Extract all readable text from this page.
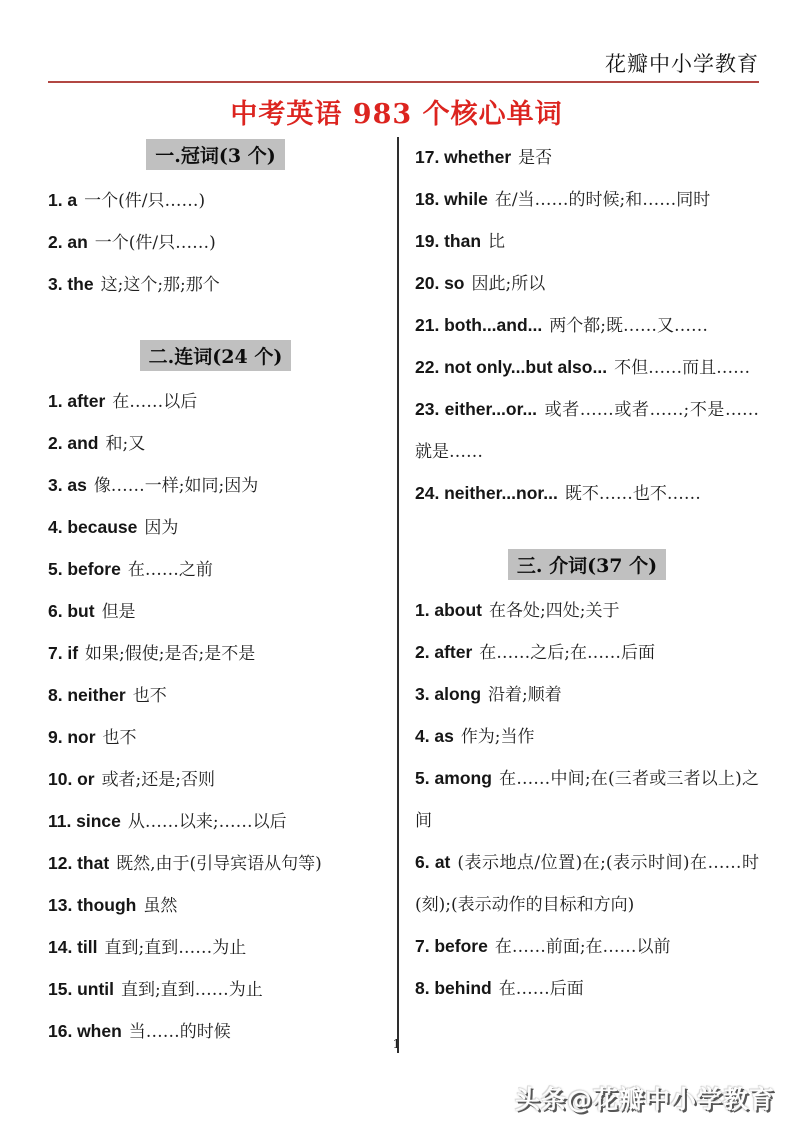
花瓣中小学教育
中考英语 983 个核心单词
一.冠词(3 个)

1. a 一个(件/只……)

2. an 一个(件/只……)

3. the 这;这个;那;那个

二.连词(24 个)

1. after 在……以后

2. and 和;又

3. as 像……一样;如同;因为

4. because 因为

5. before 在……之前

6. but 但是

7. if 如果;假使;是否;是不是

8. neither 也不

9. nor 也不

10. or 或者;还是;否则

11. since 从……以来;……以后

12. that 既然,由于(引导宾语从句等)

13. though 虽然

14. till 直到;直到……为止

15. until 直到;直到……为止

16. when 当……的时候

17. whether 是否

18. while 在/当……的时候;和……同时

19. than 比

20. so 因此;所以

21. both...and... 两个都;既……又……

22. not only...but also... 不但……而且……

23. either...or... 或者……或者……;不是……就是……

24. neither...nor... 既不……也不……

三. 介词(37 个)

1. about 在各处;四处;关于

2. after 在……之后;在……后面

3. along 沿着;顺着

4. as 作为;当作

5. among 在……中间;在(三者或三者以上)之间

6. at (表示地点/位置)在;(表示时间)在……时(刻);(表示动作的目标和方向)

7. before 在……前面;在……以前

8. behind 在……后面

1
头条@花瓣中小学教育
